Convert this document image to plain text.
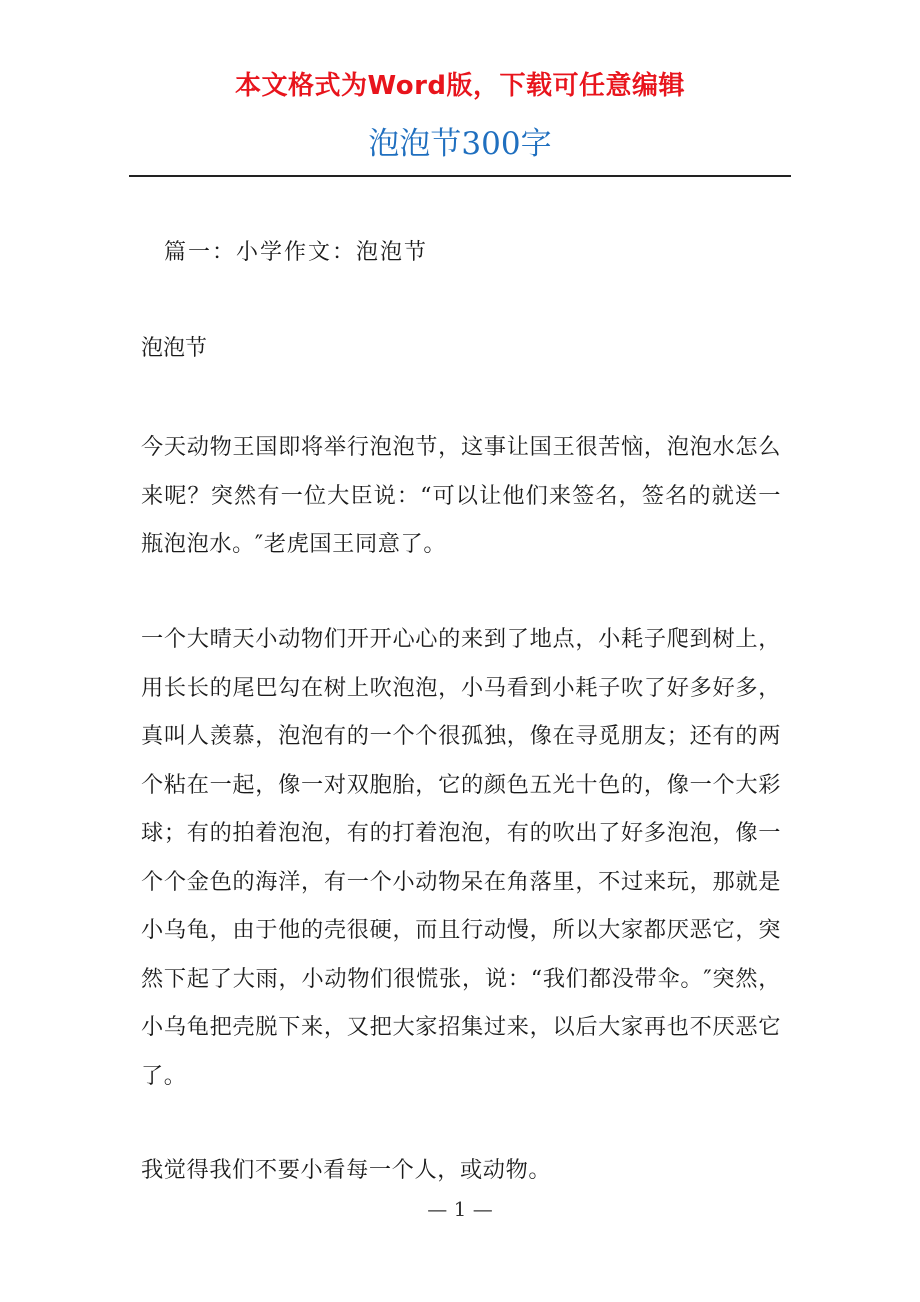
本文格式为Word版，下载可任意编辑
泡泡节300字
篇一：小学作文：泡泡节
泡泡节
今天动物王国即将举行泡泡节，这事让国王很苦恼，泡泡水怎么来呢？突然有一位大臣说：“可以让他们来签名，签名的就送一瓶泡泡水。″老虎国王同意了。
一个大晴天小动物们开开心心的来到了地点，小耗子爬到树上，用长长的尾巴勾在树上吹泡泡，小马看到小耗子吹了好多好多，真叫人羡慕，泡泡有的一个个很孤独，像在寻觅朋友；还有的两个粘在一起，像一对双胞胎，它的颜色五光十色的，像一个大彩球；有的拍着泡泡，有的打着泡泡，有的吹出了好多泡泡，像一个个金色的海洋，有一个小动物呆在角落里，不过来玩，那就是小乌龟，由于他的壳很硬，而且行动慢，所以大家都厌恶它，突然下起了大雨，小动物们很慌张，说：“我们都没带伞。″突然，小乌龟把壳脱下来，又把大家招集过来，以后大家再也不厌恶它了。
我觉得我们不要小看每一个人，或动物。
— 1 —
